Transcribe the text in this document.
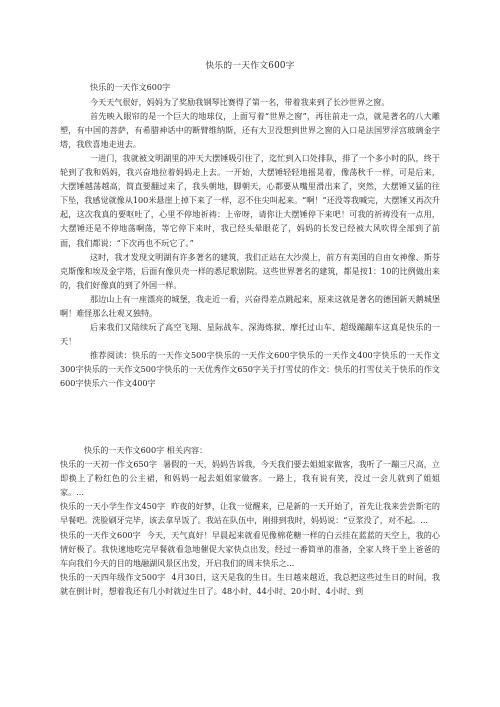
快乐的一天作文600字

快乐的一天作文600字

今天天气很好，妈妈为了奖励我钢琴比赛得了第一名，带着我来到了长沙世界之窗。

首先映入眼帘的是一个巨大的地球仪，上面写着“世界之窗”，再往前走一点，就是著名的八大雕塑，有中国的菩萨，有希腊神话中的断臂维纳斯，还有大卫没想到世界之窗的入口是法国罗浮宫玻璃金字塔，我欣喜地走进去。

一进门，我就被文明湖里的冲天大摆锤吸引住了，迄忙到入口处排队，排了一个多小时的队，终于轮到了我和妈妈，我兴奋地拉着妈妈走上去。一开始，大摆锤轻轻地摇晃着，像荡秋千一样，可是后来，大摆锤越荡越高，简直要翻过来了，我头朝地，脚朝天，心都要从嘴里滑出来了，突然，大摆锤又猛的往下坠，我感觉就像从100米悬崖上掉下来了一样，忍不住尖叫起来。“啊！”还没等我喊完，大摆锤又再次升起，这次我真的要呕吐了，心里不停地祈祷：上帝呀，请你让大摆锤停下来吧！可我的祈祷没有一点用，大摆锤还是不停地荡啊荡，等它停下来时，我已经头晕眼花了，妈妈的长发已经被大风吹得全部到了前面，我们都说：“下次再也不玩它了。”

这时，我才发现文明湖有许多著名的建筑，我们正站在大沙漠上，前方有美国的自由女神像、斯芬克斯像和埃及金字塔，后面有像贝壳一样的悉尼歌剧院。这些世界著名的建筑，都是按1：10的比例做出来的，我们好像真的到了外国一样。

那边山上有一座漂亮的城堡，我走近一看，兴奋得差点跳起来，原来这就是著名的德国新天鹅城堡啊！难怪那么壮观又独特。

后来我们又陆续玩了高空飞翔、星际战车、深海炼狱、摩托过山车、超级蹦蹦车这真是快乐的一天！

推荐阅读：快乐的一天作文500字快乐的一天作文600字快乐的一天作文400字快乐的一天作文300字快乐的一天作文500字快乐的一天优秀作文650字关于打雪仗的作文：快乐的打雪仗关于快乐的作文600字快乐六一作文400字

快乐的一天作文600字 相关内容：

快乐的一天初一作文650字 暑假的一天，妈妈告诉我，今天我们要去姐姐家做客，我听了一蹦三尺高，立即换上了粉红色的公主裙，和妈妈一起去姐姐家做客。一路上，我有说有笑，没过一会儿就到了姐姐家。...

快乐的一天小学生作文450字 昨夜的好梦，让我一觉醒来，已是新的一天开始了，首先让我来尝尝斯宅的早餐吧。洗脸刷牙完毕，该去拿早饭了。我站在队伍中，刚排到我时，妈妈说：“豆浆没了，对不起。...

快乐的一天作文600字 今天，天气真好！早晨起来就看见像棉花糖一样的白云挂在蓝蓝的天空上，我的心情好极了。我快速地吃完早餐就看急地催促大家快点出发，经过一番简单的准备，全家人终于坐上爸爸的车向我们今天的目的地融湖风景区出发，开启我们的周末快乐之...

快乐的一天四年级作文500字 4月30日，这天是我的生日。生日越来越近，我总把这些过生日的时间，我就在倒计时，想着我还有几小时就过生日了。48小时、44小时、20小时、4小时、到
